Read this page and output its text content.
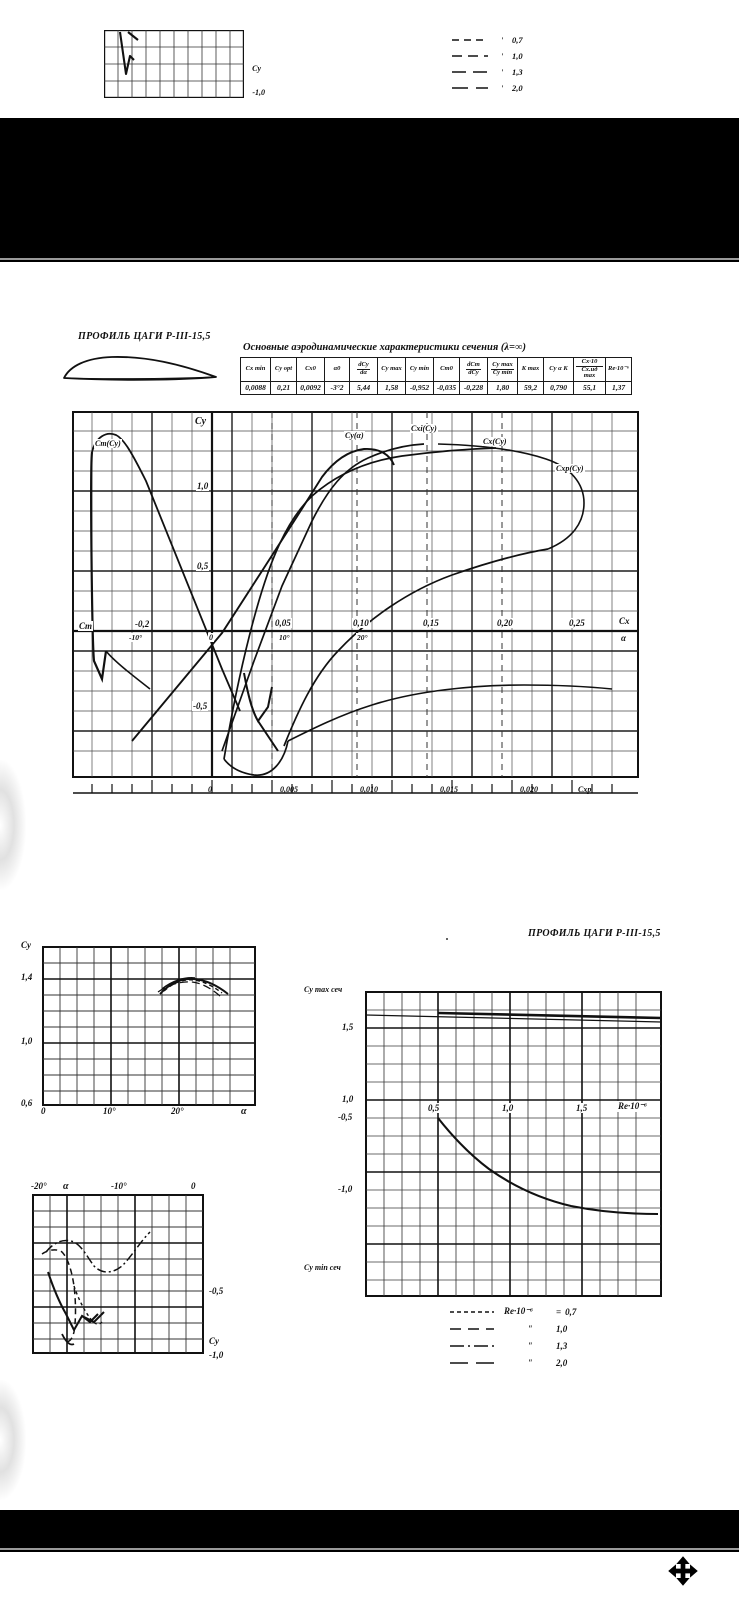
Cy
-1,0
'	0,7
'	1,0
'	1,3
'	2,0
ПРОФИЛЬ ЦАГИ Р-III-15,5
Основные аэродинамические характеристики сечения (λ=∞)
Cx min	Cy opt	Cx0	α0	$\frac{\text{dCy}}{d\alpha}$	Cy max	Cy min	Cm0	$\frac{\text{dCm}}{\text{dCy}}$	$\frac{\text{Cy max}}{\text{Cy min}}$	K max	Cy α K	$\frac{Cx\cdot 10}{\text{Cx.ид max}}$	Re·10⁻⁶
0,0088	0,21	0,0092	-3°2	5,44	1,58	-0,952	-0,035	-0,228	1,80	59,2	0,790	55,1	1,37
Cm(Cy)
Cy(α)
Cxi(Cy)
Cx(Cy)
Cxp(Cy)
Cy
1,0
0,5
-0,5
Cm	-0,2
-10°	0	10°	20°
0,05	0,10	0,15	0,20	0,25	Cx
α
0	0,005	0,010	0,015	0,020	Cxp
Cy
1,4
1,0
0,6
0	10°	20°	α
-20° α	-10°	0
-0,5
Cy
-1,0
ПРОФИЛЬ ЦАГИ Р-III-15,5
Cy max сеч
1,5
1,0
-0,5
-1,0
Cy min сеч
0,5	1,0	1,5	Re·10⁻⁶
Re·10⁻⁶	= 0,7
"	1,0
"	1,3
"	2,0
